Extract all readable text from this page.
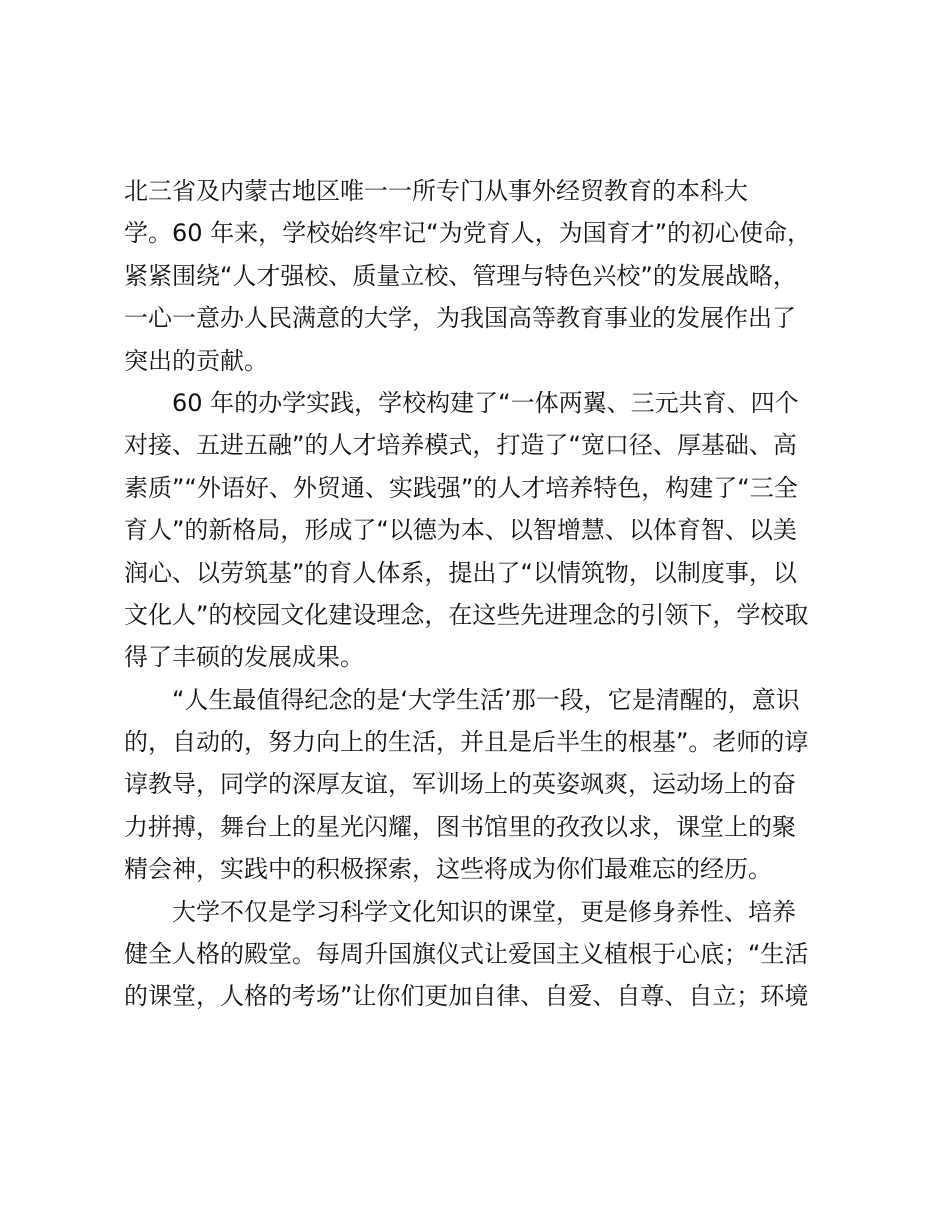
北三省及内蒙古地区唯一一所专门从事外经贸教育的本科大
学。60 年来，学校始终牢记“为党育人，为国育才”的初心使命，
紧紧围绕“人才强校、质量立校、管理与特色兴校”的发展战略，
一心一意办人民满意的大学，为我国高等教育事业的发展作出了
突出的贡献。
60 年的办学实践，学校构建了“一体两翼、三元共育、四个
对接、五进五融”的人才培养模式，打造了“宽口径、厚基础、高
素质”“外语好、外贸通、实践强”的人才培养特色，构建了“三全
育人”的新格局，形成了“以德为本、以智增慧、以体育智、以美
润心、以劳筑基”的育人体系，提出了“以情筑物，以制度事，以
文化人”的校园文化建设理念，在这些先进理念的引领下，学校取
得了丰硕的发展成果。
“人生最值得纪念的是‘大学生活’那一段，它是清醒的，意识
的，自动的，努力向上的生活，并且是后半生的根基”。老师的谆
谆教导，同学的深厚友谊，军训场上的英姿飒爽，运动场上的奋
力拼搏，舞台上的星光闪耀，图书馆里的孜孜以求，课堂上的聚
精会神，实践中的积极探索，这些将成为你们最难忘的经历。
大学不仅是学习科学文化知识的课堂，更是修身养性、培养
健全人格的殿堂。每周升国旗仪式让爱国主义植根于心底；“生活
的课堂，人格的考场”让你们更加自律、自爱、自尊、自立；环境
